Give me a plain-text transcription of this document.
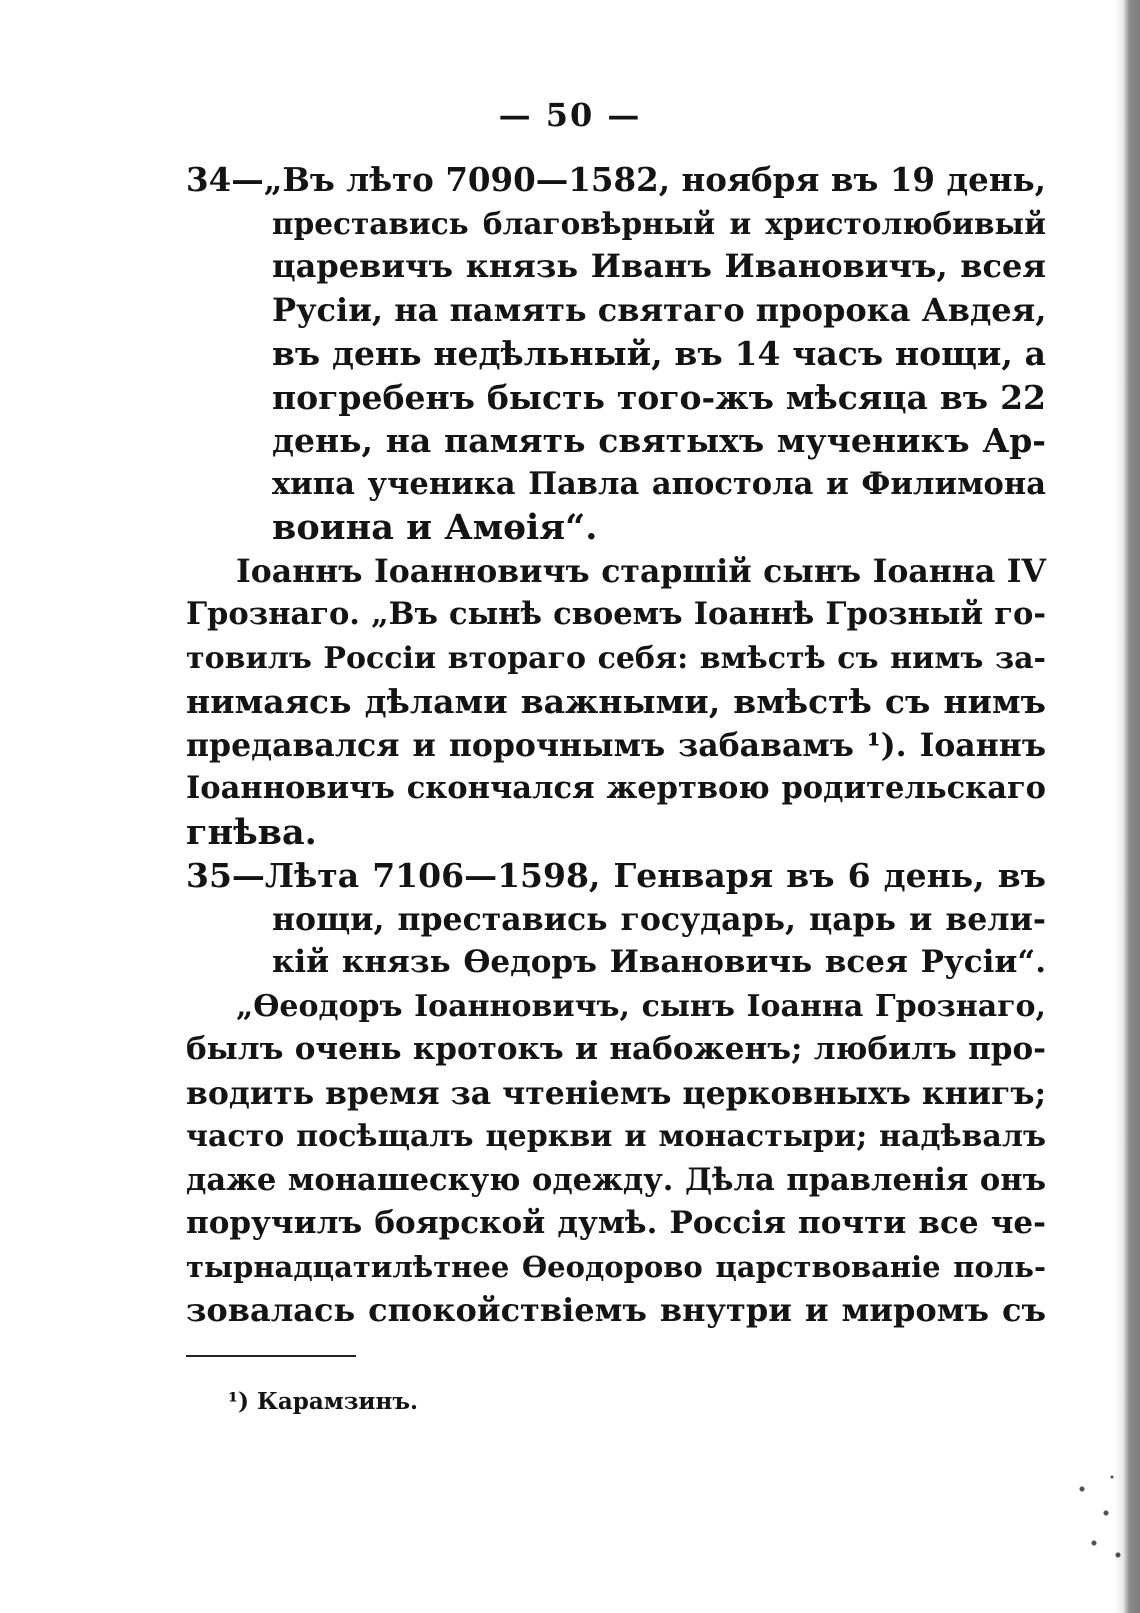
— 50 —
34—„Въ лѣто 7090—1582, ноября въ 19 день,
преставись благовѣрный и христолюбивый
царевичъ князь Иванъ Ивановичъ, всея
Русіи, на память святаго пророка Авдея,
въ день недѣльный, въ 14 часъ нощи, а
погребенъ бысть того-жъ мѣсяца въ 22
день, на память святыхъ мученикъ Ар-
хипа ученика Павла апостола и Филимона
воина и Амѳія“.
Іоаннъ Іоанновичъ старшій сынъ Іоанна IV
Грознаго. „Въ сынѣ своемъ Іоаннѣ Грозный го-
товилъ Россіи втораго себя: вмѣстѣ съ нимъ за-
нимаясь дѣлами важными, вмѣстѣ съ нимъ
предавался и порочнымъ забавамъ ¹). Іоаннъ
Іоанновичъ скончался жертвою родительскаго
гнѣва.
35—Лѣта 7106—1598, Генваря въ 6 день, въ
нощи, преставись государь, царь и вели-
кій князь Ѳедоръ Ивановичь всея Русіи“.
„Ѳеодоръ Іоанновичъ, сынъ Іоанна Грознаго,
былъ очень кротокъ и набоженъ; любилъ про-
водить время за чтеніемъ церковныхъ книгъ;
часто посѣщалъ церкви и монастыри; надѣвалъ
даже монашескую одежду. Дѣла правленія онъ
поручилъ боярской думѣ. Россія почти все че-
тырнадцатилѣтнее Ѳеодорово царствованіе поль-
зовалась спокойствіемъ внутри и миромъ съ
¹) Карамзинъ.
